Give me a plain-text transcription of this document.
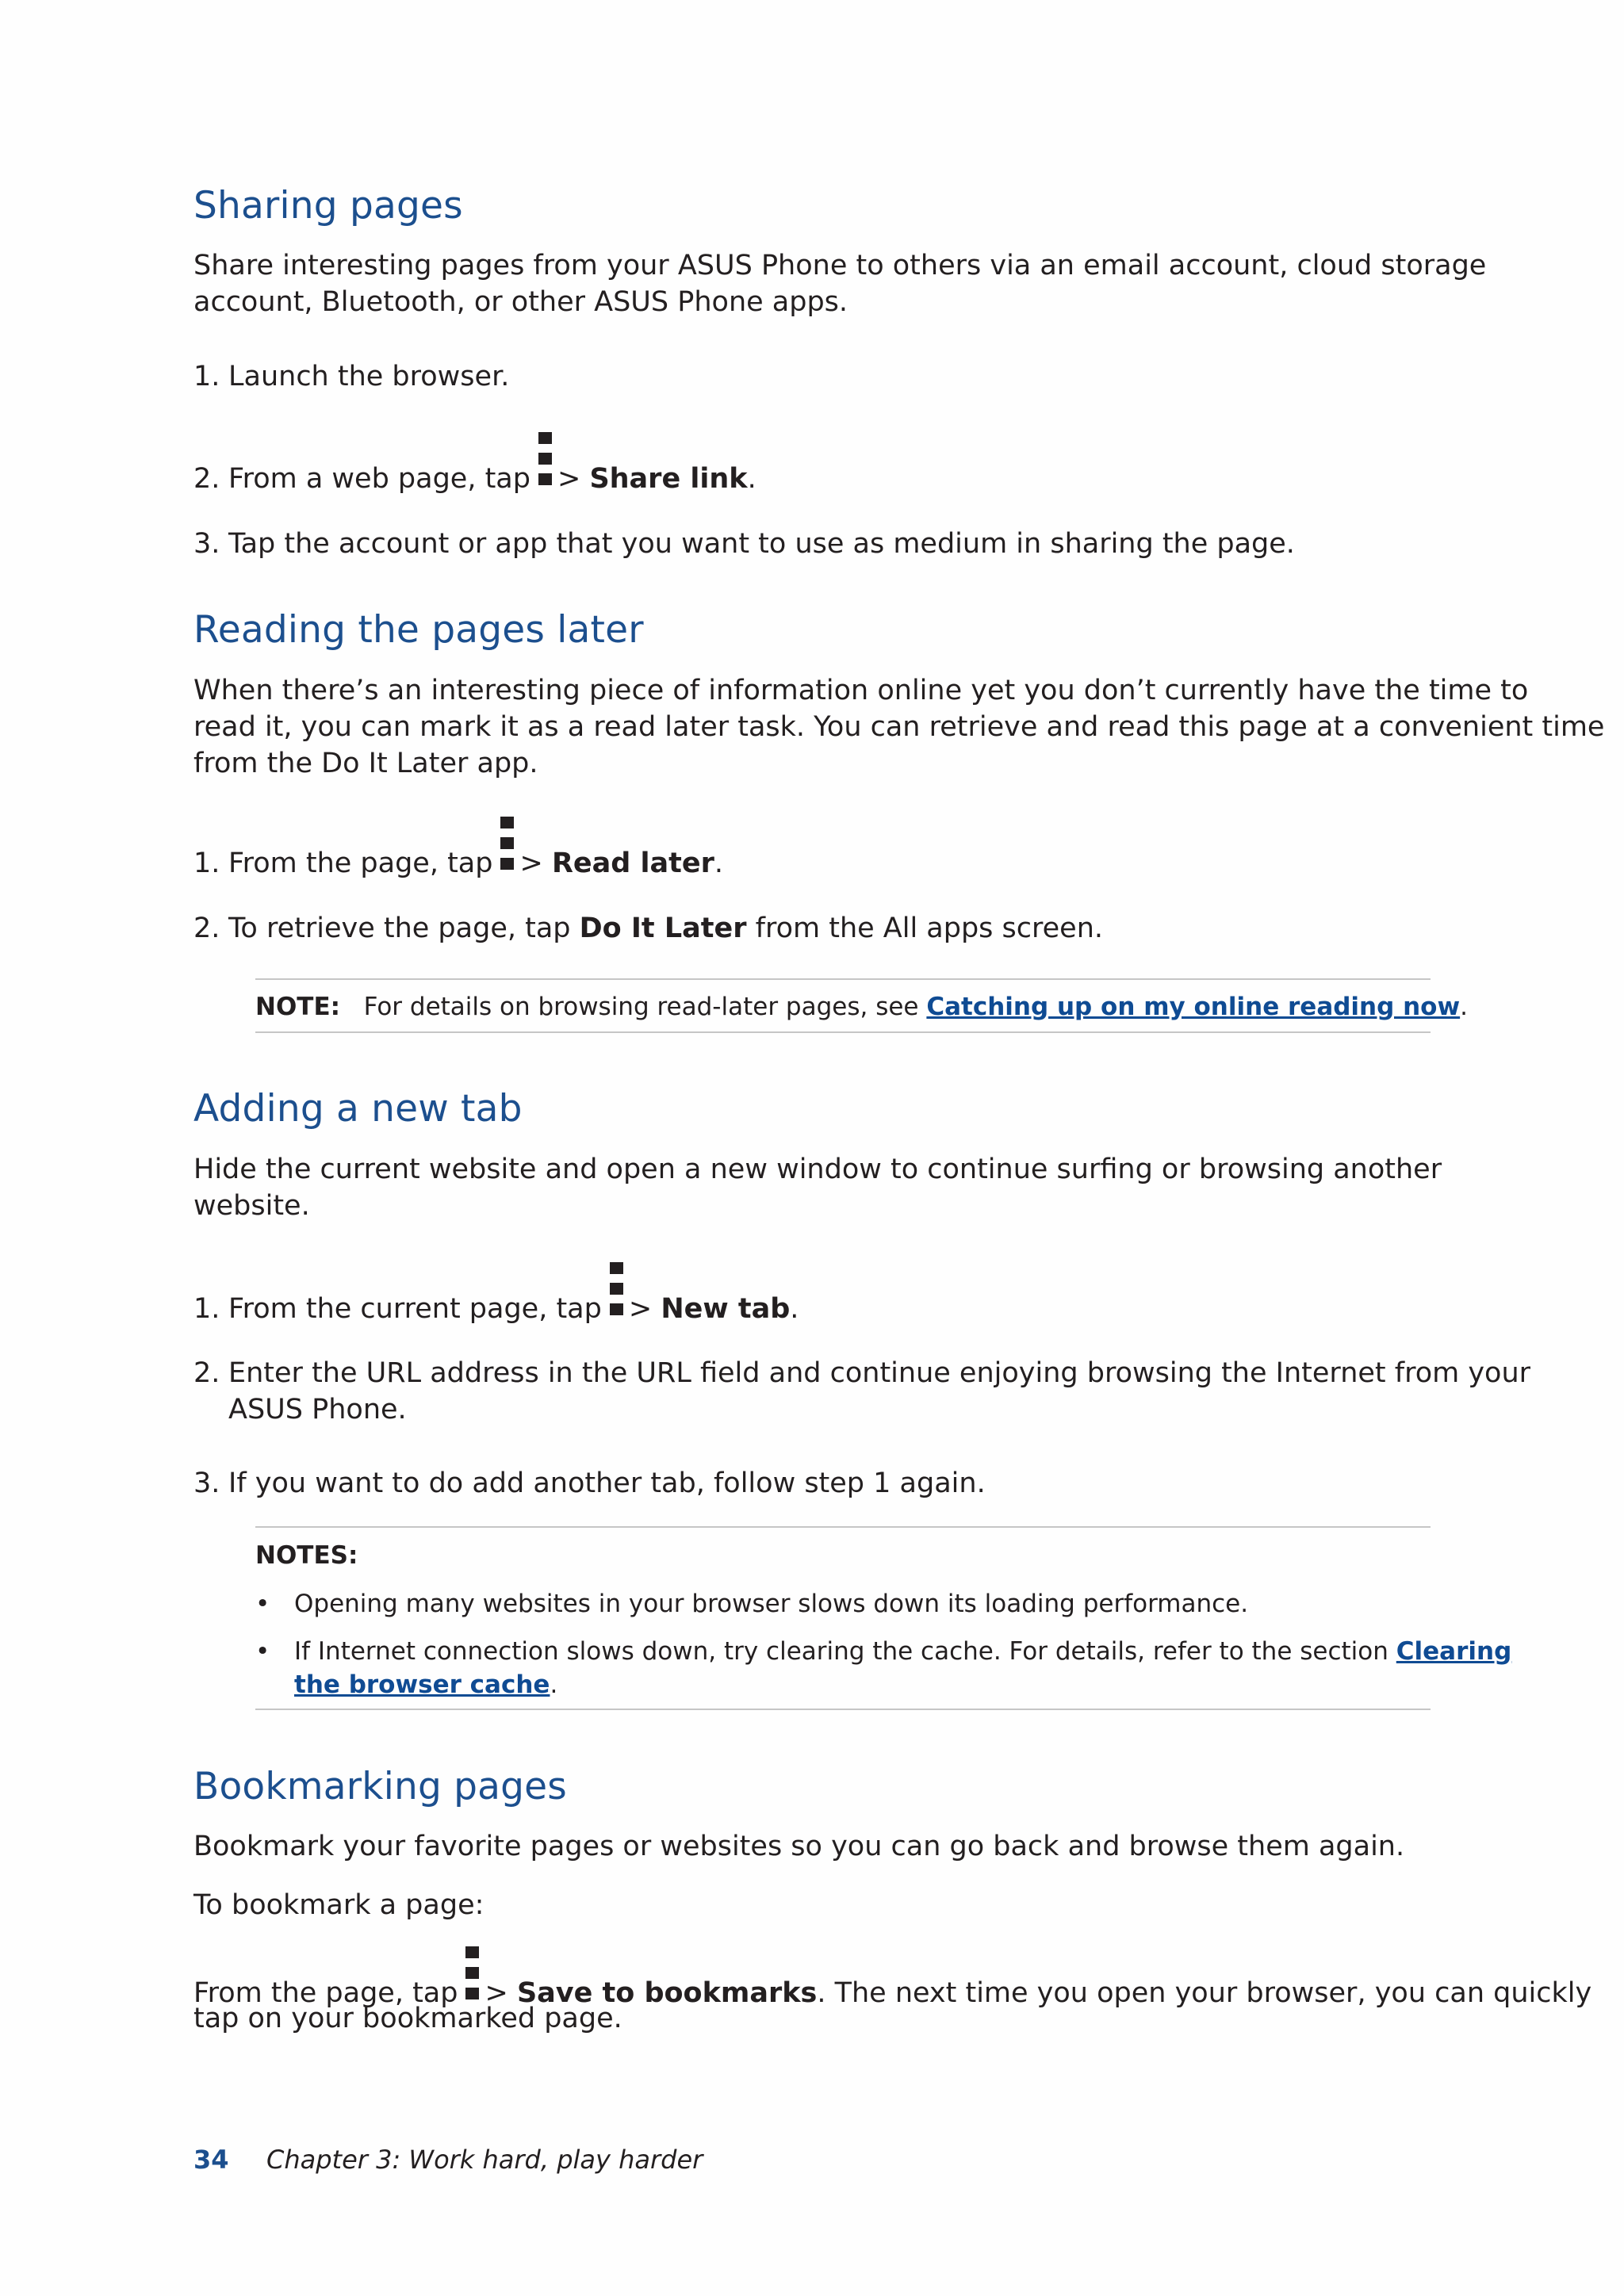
Sharing pages
Share interesting pages from your ASUS Phone to others via an email account, cloud storage
account, Bluetooth, or other ASUS Phone apps.
1. Launch the browser.
2. From a web page, tap > Share link.
3. Tap the account or app that you want to use as medium in sharing the page.
Reading the pages later
When there’s an interesting piece of information online yet you don’t currently have the time to
read it, you can mark it as a read later task. You can retrieve and read this page at a convenient time
from the Do It Later app.
1. From the page, tap > Read later.
2. To retrieve the page, tap Do It Later from the All apps screen.
NOTE: For details on browsing read-later pages, see Catching up on my online reading now.
Adding a new tab
Hide the current website and open a new window to continue surfing or browsing another
website.
1. From the current page, tap > New tab.
2. Enter the URL address in the URL field and continue enjoying browsing the Internet from your
ASUS Phone.
3. If you want to do add another tab, follow step 1 again.
NOTES:
• Opening many websites in your browser slows down its loading performance.
• If Internet connection slows down, try clearing the cache. For details, refer to the section Clearing
the browser cache.
Bookmarking pages
Bookmark your favorite pages or websites so you can go back and browse them again.
To bookmark a page:
From the page, tap > Save to bookmarks. The next time you open your browser, you can quickly
tap on your bookmarked page.
34 Chapter 3: Work hard, play harder
